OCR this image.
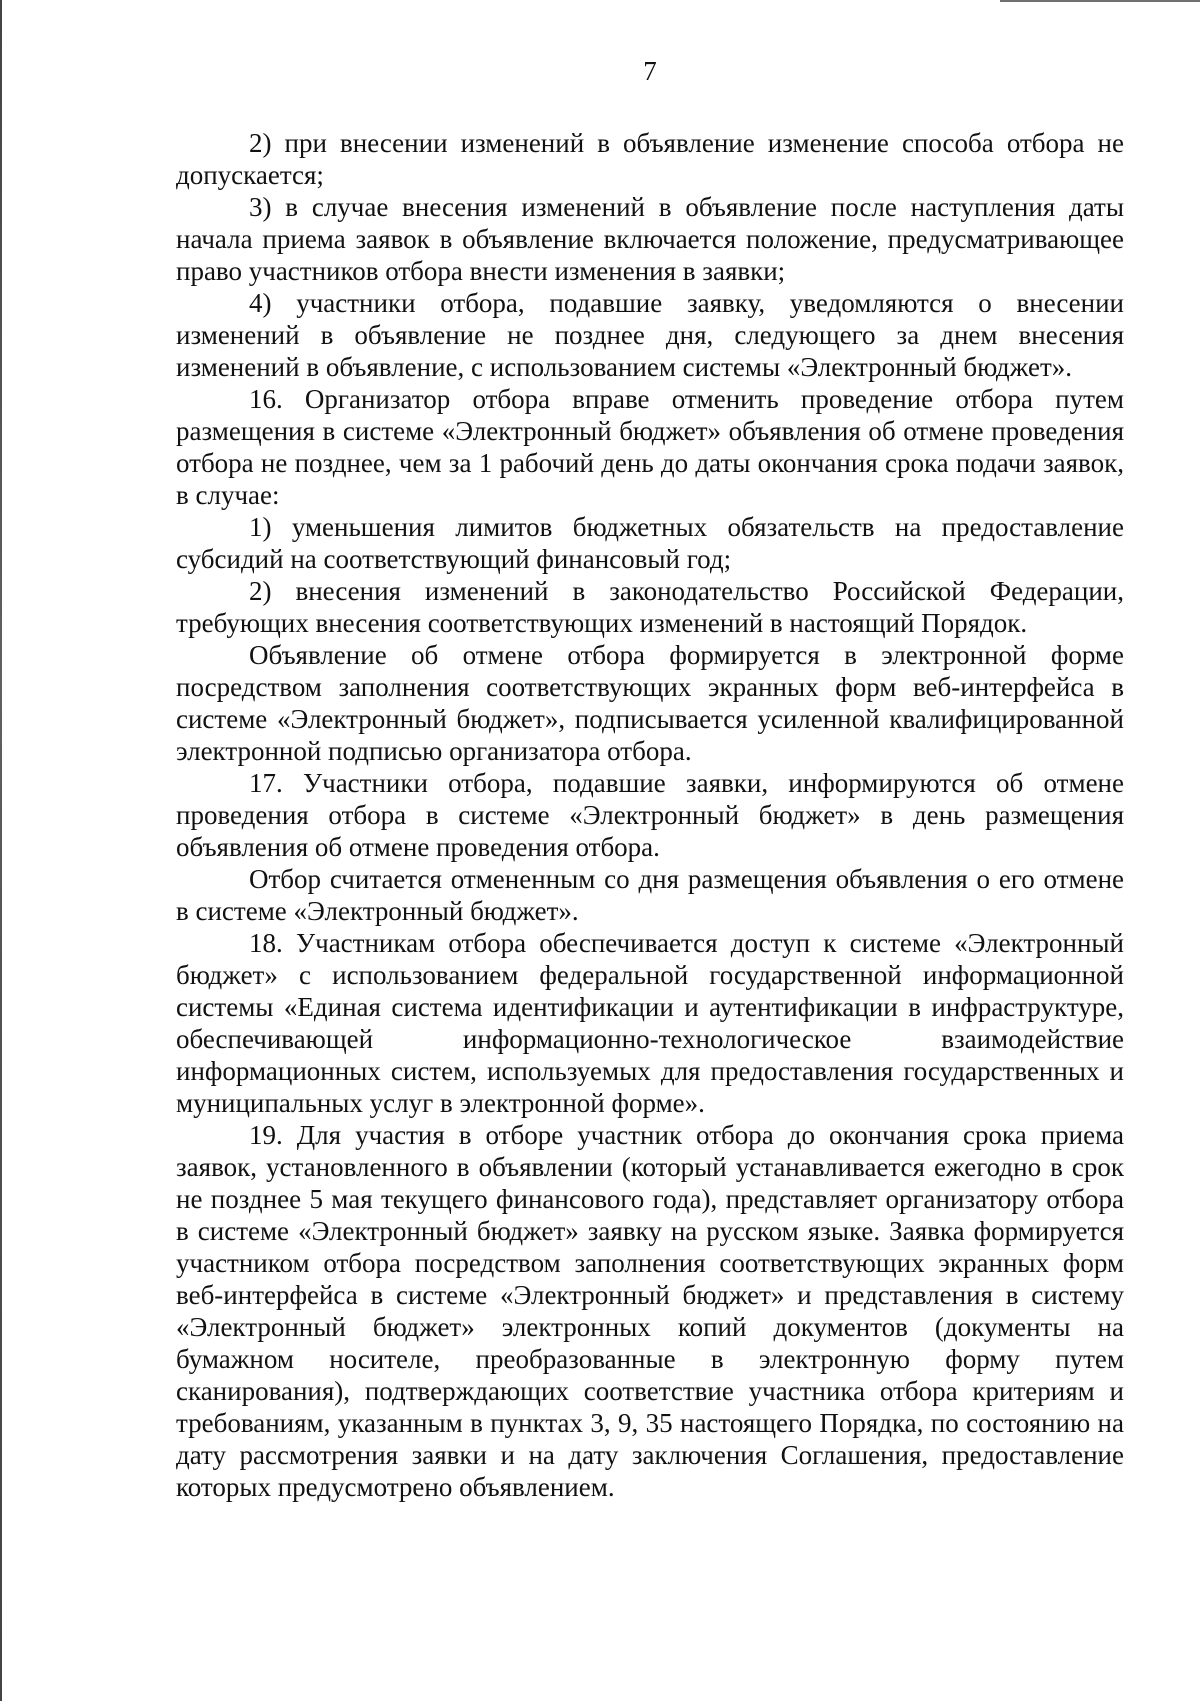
7

2) при внесении изменений в объявление изменение способа отбора не допускается;

3) в случае внесения изменений в объявление после наступления даты начала приема заявок в объявление включается положение, предусматривающее право участников отбора внести изменения в заявки;

4) участники отбора, подавшие заявку, уведомляются о внесении изменений в объявление не позднее дня, следующего за днем внесения изменений в объявление, с использованием системы «Электронный бюджет».

16. Организатор отбора вправе отменить проведение отбора путем размещения в системе «Электронный бюджет» объявления об отмене проведения отбора не позднее, чем за 1 рабочий день до даты окончания срока подачи заявок, в случае:

1) уменьшения лимитов бюджетных обязательств на предоставление субсидий на соответствующий финансовый год;

2) внесения изменений в законодательство Российской Федерации, требующих внесения соответствующих изменений в настоящий Порядок.

Объявление об отмене отбора формируется в электронной форме посредством заполнения соответствующих экранных форм веб-интерфейса в системе «Электронный бюджет», подписывается усиленной квалифицированной электронной подписью организатора отбора.

17. Участники отбора, подавшие заявки, информируются об отмене проведения отбора в системе «Электронный бюджет» в день размещения объявления об отмене проведения отбора.

Отбор считается отмененным со дня размещения объявления о его отмене в системе «Электронный бюджет».

18. Участникам отбора обеспечивается доступ к системе «Электронный бюджет» с использованием федеральной государственной информационной системы «Единая система идентификации и аутентификации в инфраструктуре, обеспечивающей информационно-технологическое взаимодействие информационных систем, используемых для предоставления государственных и муниципальных услуг в электронной форме».

19. Для участия в отборе участник отбора до окончания срока приема заявок, установленного в объявлении (который устанавливается ежегодно в срок не позднее 5 мая текущего финансового года), представляет организатору отбора в системе «Электронный бюджет» заявку на русском языке. Заявка формируется участником отбора посредством заполнения соответствующих экранных форм веб-интерфейса в системе «Электронный бюджет» и представления в систему «Электронный бюджет» электронных копий документов (документы на бумажном носителе, преобразованные в электронную форму путем сканирования), подтверждающих соответствие участника отбора критериям и требованиям, указанным в пунктах 3, 9, 35 настоящего Порядка, по состоянию на дату рассмотрения заявки и на дату заключения Соглашения, предоставление которых предусмотрено объявлением.
